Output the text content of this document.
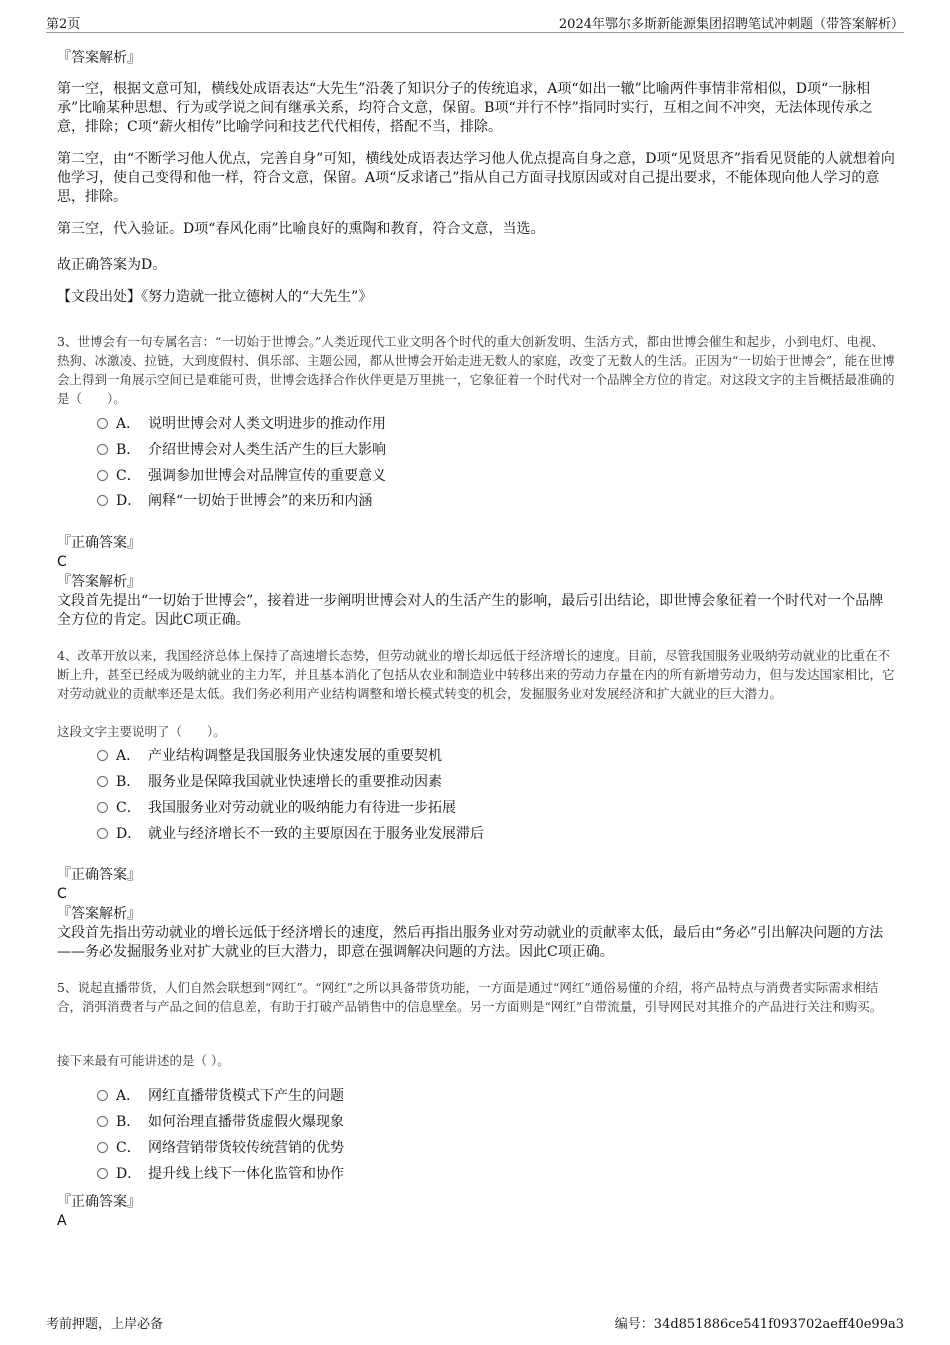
第2页	2024年鄂尔多斯新能源集团招聘笔试冲刺题（带答案解析）
『答案解析』

第一空，根据文意可知，横线处成语表达“大先生”沿袭了知识分子的传统追求，A项“如出一辙”比喻两件事情非常相似，D项“一脉相承”比喻某种思想、行为或学说之间有继承关系，均符合文意，保留。B项“并行不悖”指同时实行，互相之间不冲突，无法体现传承之意，排除；C项“薪火相传”比喻学问和技艺代代相传，搭配不当，排除。

第二空，由“不断学习他人优点，完善自身”可知，横线处成语表达学习他人优点提高自身之意，D项“见贤思齐”指看见贤能的人就想着向他学习，使自己变得和他一样，符合文意，保留。A项“反求诸己”指从自己方面寻找原因或对自己提出要求，不能体现向他人学习的意思，排除。

第三空，代入验证。D项“春风化雨”比喻良好的熏陶和教育，符合文意，当选。

故正确答案为D。

【文段出处】《努力造就一批立德树人的“大先生”》

3、世博会有一句专属名言：“一切始于世博会。”人类近现代工业文明各个时代的重大创新发明、生活方式，都由世博会催生和起步，小到电灯、电视、热狗、冰激凌、拉链，大到度假村、俱乐部、主题公园，都从世博会开始走进无数人的家庭，改变了无数人的生活。正因为“一切始于世博会”，能在世博会上得到一角展示空间已是难能可贵，世博会选择合作伙伴更是万里挑一，它象征着一个时代对一个品牌全方位的肯定。对这段文字的主旨概括最准确的是（　　）。

A． 说明世博会对人类文明进步的推动作用
B． 介绍世博会对人类生活产生的巨大影响
C． 强调参加世博会对品牌宣传的重要意义
D． 阐释“一切始于世博会”的来历和内涵
『正确答案』
C
『答案解析』

文段首先提出“一切始于世博会”，接着进一步阐明世博会对人的生活产生的影响，最后引出结论，即世博会象征着一个时代对一个品牌全方位的肯定。因此C项正确。

4、改革开放以来，我国经济总体上保持了高速增长态势，但劳动就业的增长却远低于经济增长的速度。目前，尽管我国服务业吸纳劳动就业的比重在不断上升，甚至已经成为吸纳就业的主力军，并且基本消化了包括从农业和制造业中转移出来的劳动力存量在内的所有新增劳动力，但与发达国家相比，它对劳动就业的贡献率还是太低。我们务必利用产业结构调整和增长模式转变的机会，发掘服务业对发展经济和扩大就业的巨大潜力。

这段文字主要说明了（　　）。
A． 产业结构调整是我国服务业快速发展的重要契机
B． 服务业是保障我国就业快速增长的重要推动因素
C． 我国服务业对劳动就业的吸纳能力有待进一步拓展
D． 就业与经济增长不一致的主要原因在于服务业发展滞后
『正确答案』
C
『答案解析』

文段首先指出劳动就业的增长远低于经济增长的速度，然后再指出服务业对劳动就业的贡献率太低，最后由“务必”引出解决问题的方法——务必发掘服务业对扩大就业的巨大潜力，即意在强调解决问题的方法。因此C项正确。

5、说起直播带货，人们自然会联想到“网红”。“网红”之所以具备带货功能，一方面是通过“网红”通俗易懂的介绍，将产品特点与消费者实际需求相结合，消弭消费者与产品之间的信息差，有助于打破产品销售中的信息壁垒。另一方面则是“网红”自带流量，引导网民对其推介的产品进行关注和购买。

接下来最有可能讲述的是（ ）。
A． 网红直播带货模式下产生的问题
B． 如何治理直播带货虚假火爆现象
C． 网络营销带货较传统营销的优势
D． 提升线上线下一体化监管和协作
『正确答案』
A
考前押题，上岸必备	编号：34d851886ce541f093702aeff40e99a3
